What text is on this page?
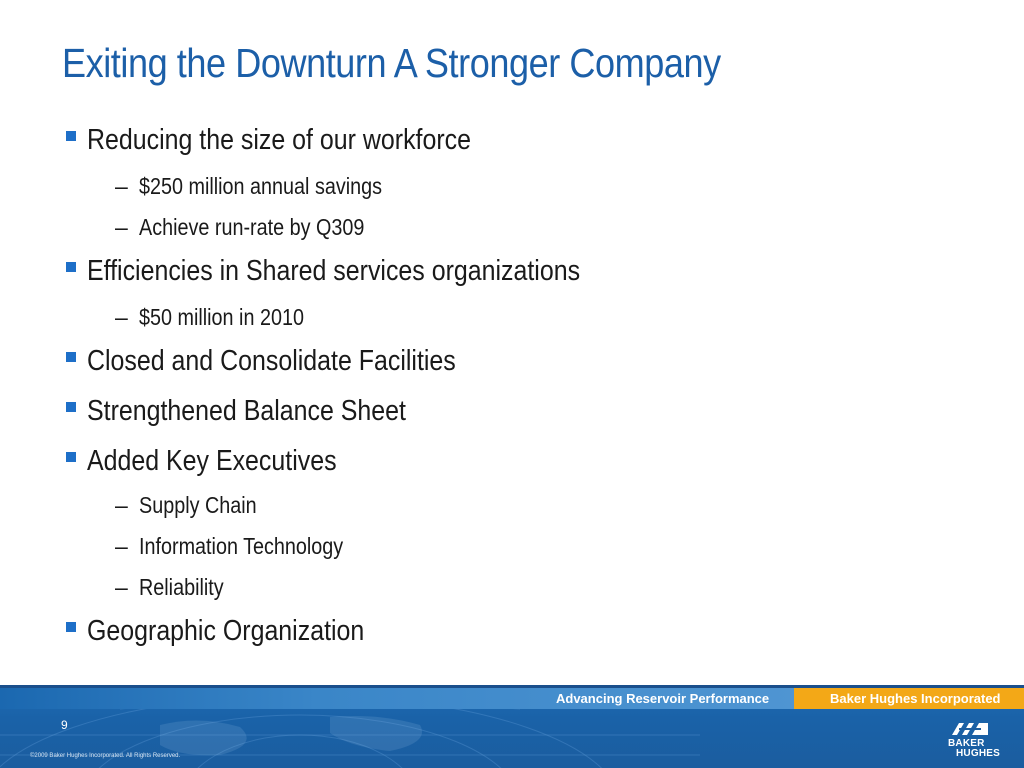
Exiting the Downturn A Stronger Company
Reducing the size of our workforce
– $250 million annual savings
– Achieve run-rate by Q309
Efficiencies in Shared services organizations
– $50 million in 2010
Closed and Consolidate Facilities
Strengthened Balance Sheet
Added Key Executives
– Supply Chain
– Information Technology
– Reliability
Geographic Organization
Advancing Reservoir Performance	Baker Hughes Incorporated
9
©2009 Baker Hughes Incorporated. All Rights Reserved.
BAKER
HUGHES
